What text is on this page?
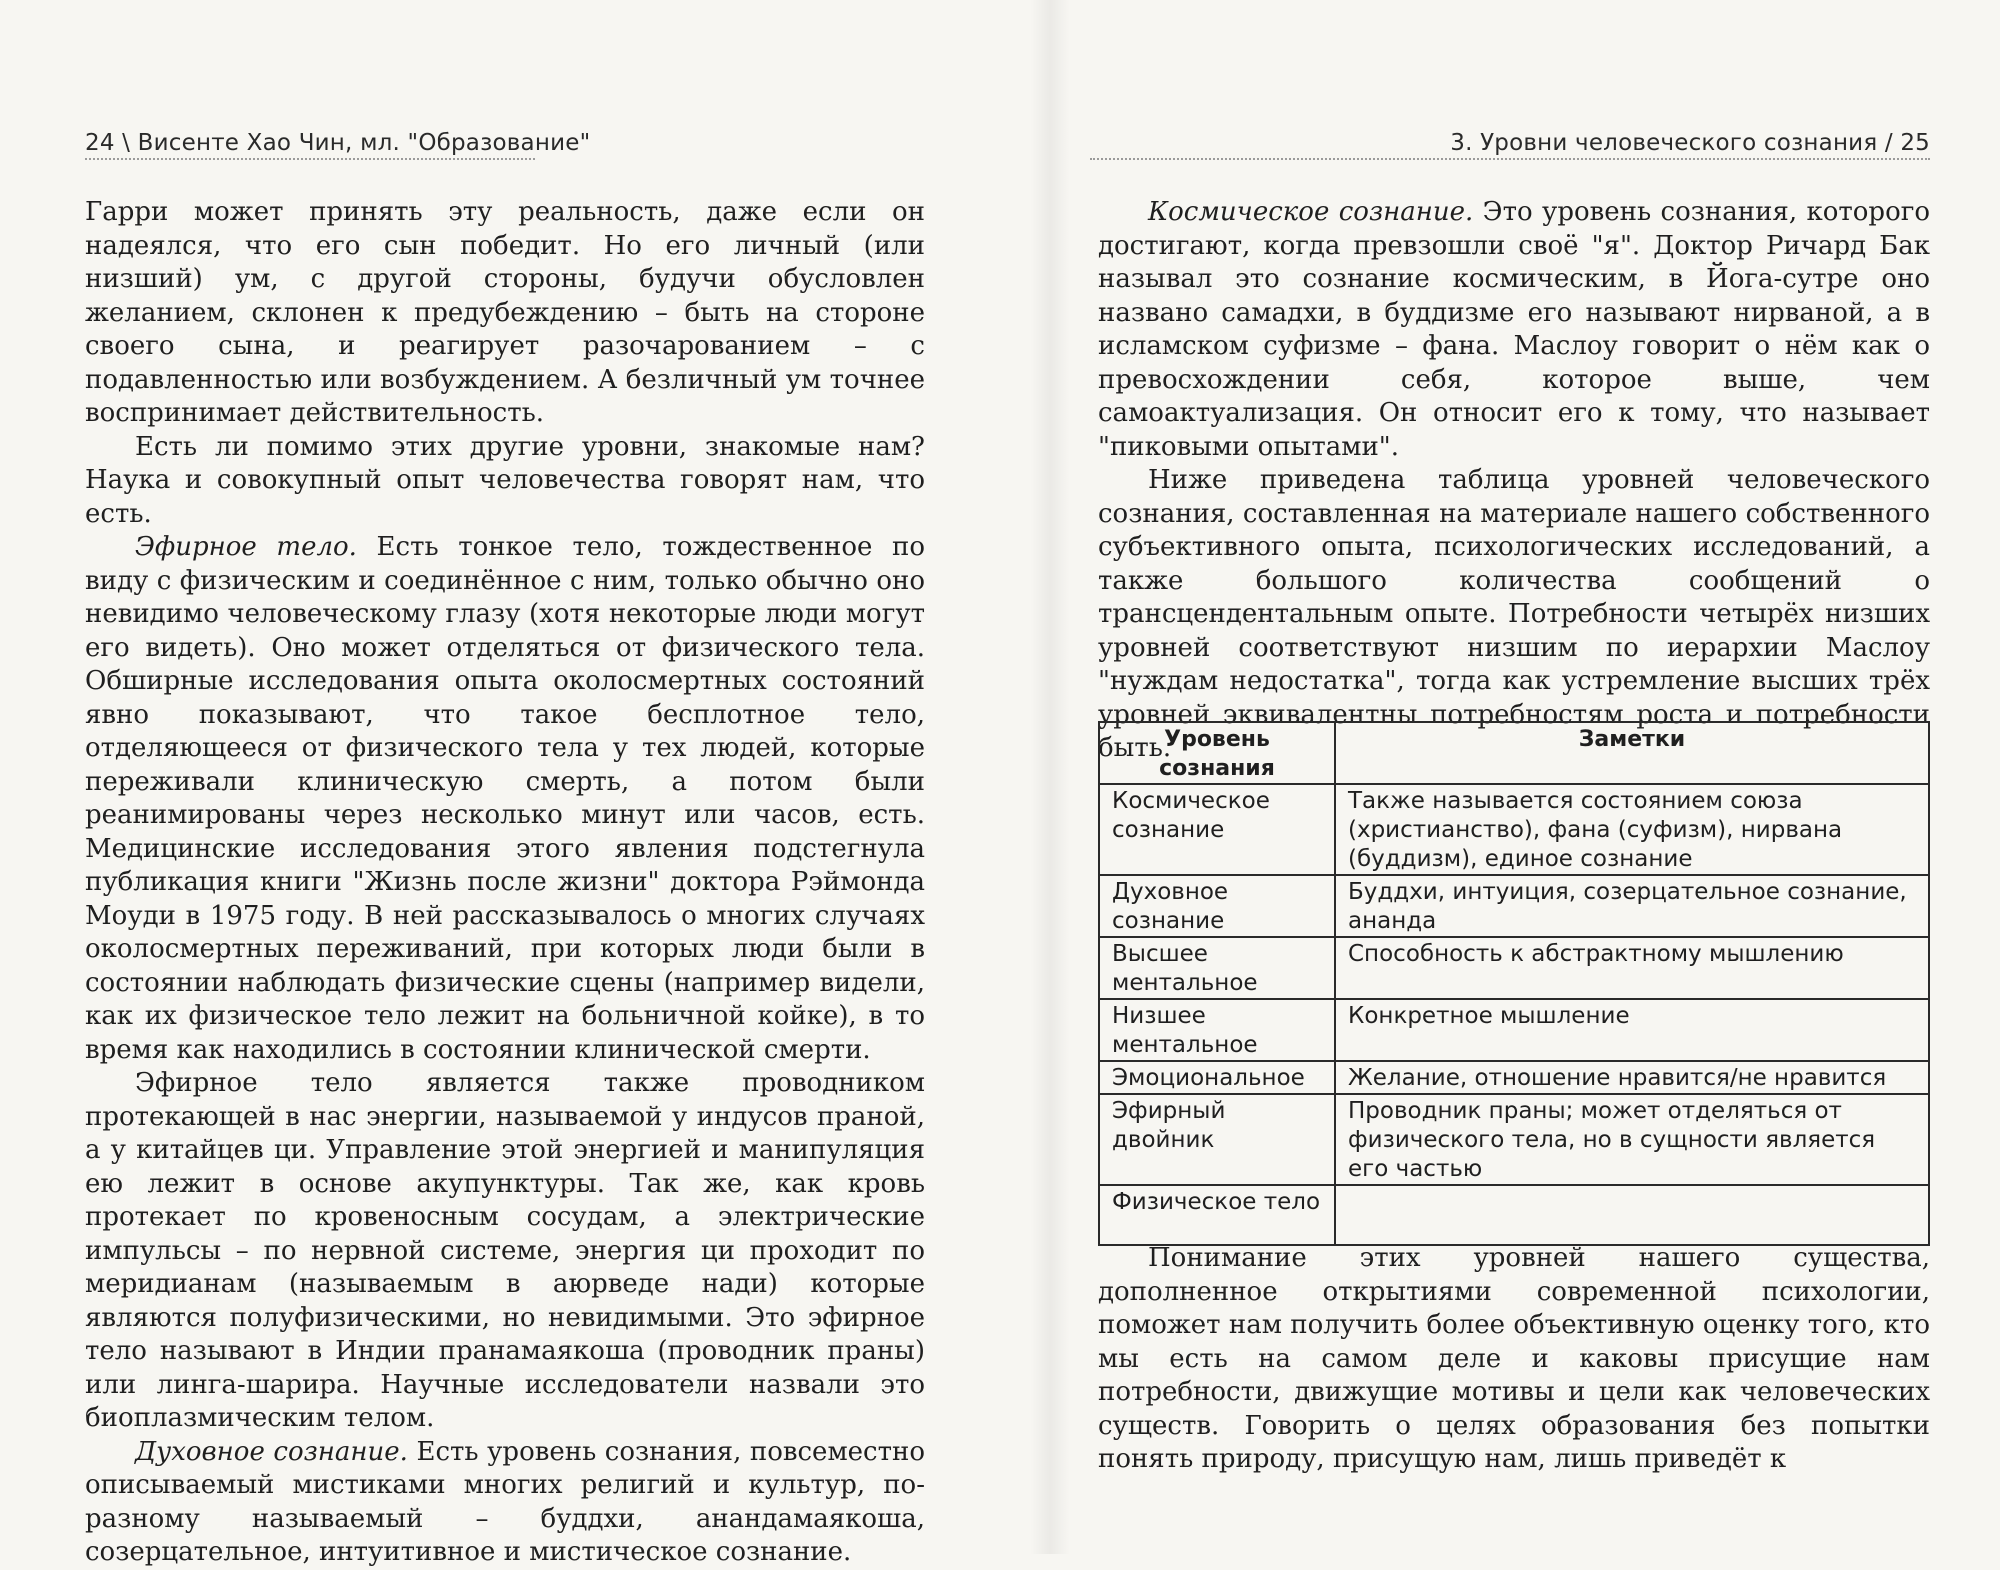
24 \ Висенте Хао Чин, мл. "Образование"

Гарри может принять эту реальность, даже если он надеялся, что его сын победит. Но его личный (или низший) ум, с другой стороны, будучи обусловлен желанием, склонен к предубеждению – быть на стороне своего сына, и реагирует разочарованием – с подавленностью или возбуждением. А безличный ум точнее воспринимает действительность.

Есть ли помимо этих другие уровни, знакомые нам? Наука и совокупный опыт человечества говорят нам, что есть.

Эфирное тело. Есть тонкое тело, тождественное по виду с физическим и соединённое с ним, только обычно оно невидимо человеческому глазу (хотя некоторые люди могут его видеть). Оно может отделяться от физического тела. Обширные исследования опыта околосмертных состояний явно показывают, что такое бесплотное тело, отделяющееся от физического тела у тех людей, которые переживали клиническую смерть, а потом были реанимированы через несколько минут или часов, есть. Медицинские исследования этого явления подстегнула публикация книги "Жизнь после жизни" доктора Рэймонда Моуди в 1975 году. В ней рассказывалось о многих случаях околосмертных переживаний, при которых люди были в состоянии наблюдать физические сцены (например видели, как их физическое тело лежит на больничной койке), в то время как находились в состоянии клинической смерти.

Эфирное тело является также проводником протекающей в нас энергии, называемой у индусов праной, а у китайцев ци. Управление этой энергией и манипуляция ею лежит в основе акупунктуры. Так же, как кровь протекает по кровеносным сосудам, а электрические импульсы – по нервной системе, энергия ци проходит по меридианам (называемым в аюрведе нади) которые являются полуфизическими, но невидимыми. Это эфирное тело называют в Индии пранамаякоша (проводник праны) или линга-шарира. Научные исследователи назвали это биоплазмическим телом.

Духовное сознание. Есть уровень сознания, повсеместно описываемый мистиками многих религий и культур, по-разному называемый – буддхи, анандамаякоша, созерцательное, интуитивное и мистическое сознание.

3. Уровни человеческого сознания / 25

Космическое сознание. Это уровень сознания, которого достигают, когда превзошли своё "я". Доктор Ричард Бак называл это сознание космическим, в Йога-сутре оно названо самадхи, в буддизме его называют нирваной, а в исламском суфизме – фана. Маслоу говорит о нём как о превосхождении себя, которое выше, чем самоактуализация. Он относит его к тому, что называет "пиковыми опытами".

Ниже приведена таблица уровней человеческого сознания, составленная на материале нашего собственного субъективного опыта, психологических исследований, а также большого количества сообщений о трансцендентальным опыте. Потребности четырёх низших уровней соответствуют низшим по иерархии Маслоу "нуждам недостатка", тогда как устремление высших трёх уровней эквивалентны потребностям роста и потребности быть.

Уровень сознания	Заметки
Космическое сознание	Также называется состоянием союза (христианство), фана (суфизм), нирвана (буддизм), единое сознание
Духовное сознание	Буддхи, интуиция, созерцательное сознание, ананда
Высшее ментальное	Способность к абстрактному мышлению
Низшее ментальное	Конкретное мышление
Эмоциональное	Желание, отношение нравится/не нравится
Эфирный двойник	Проводник праны; может отделяться от физического тела, но в сущности является его частью
Физическое тело	

Понимание этих уровней нашего существа, дополненное открытиями современной психологии, поможет нам получить более объективную оценку того, кто мы есть на самом деле и каковы присущие нам потребности, движущие мотивы и цели как человеческих существ. Говорить о целях образования без попытки понять природу, присущую нам, лишь приведёт к
